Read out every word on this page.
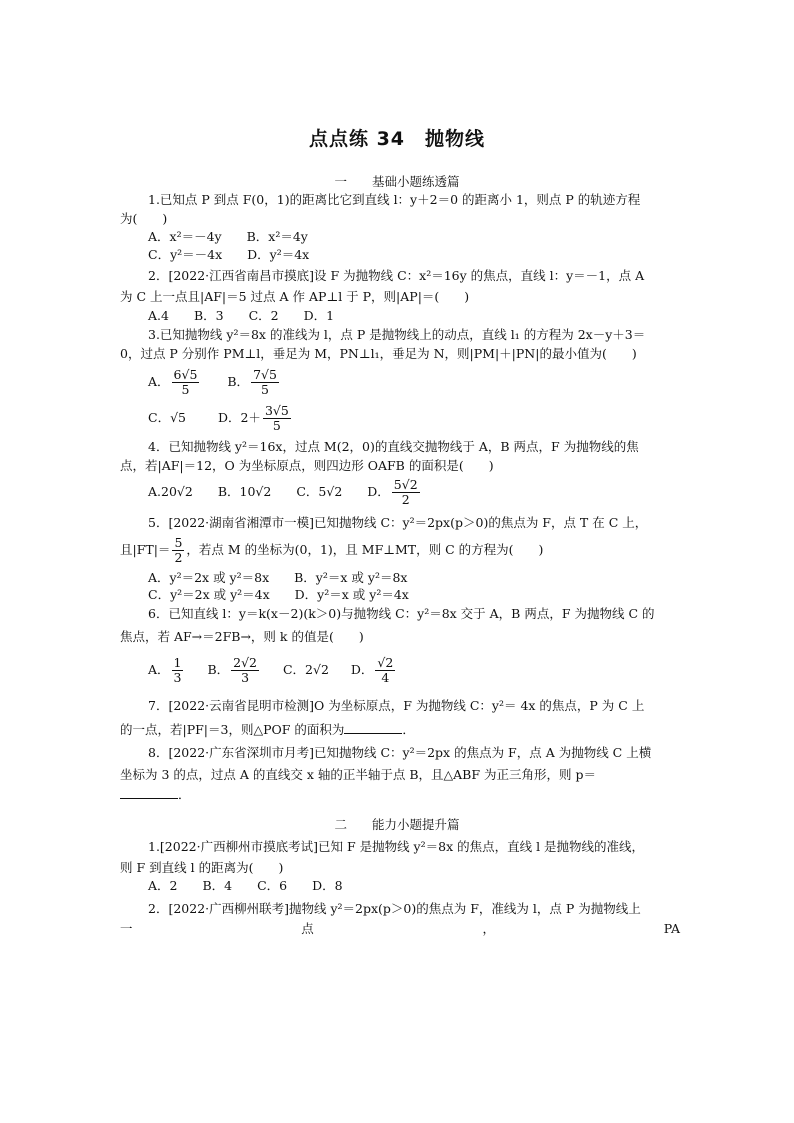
点点练 34　抛物线
一　　基础小题练透篇
1.已知点 P 到点 F(0，1)的距离比它到直线 l：y＋2＝0 的距离小 1，则点 P 的轨迹方程
为(　　)
A．x²＝－4y　　B．x²＝4y
C．y²＝－4x　　D．y²＝4x
2．[2022·江西省南昌市摸底]设 F 为抛物线 C：x²＝16y 的焦点，直线 l：y＝－1，点 A
为 C 上一点且|AF|＝5 过点 A 作 AP⊥l 于 P，则|AP|＝(　　)
A.4　　B．3　　C．2　　D．1
3.已知抛物线 y²＝8x 的准线为 l，点 P 是抛物线上的动点，直线 l₁ 的方程为 2x－y＋3＝
0，过点 P 分别作 PM⊥l，垂足为 M，PN⊥l₁，垂足为 N，则|PM|＋|PN|的最小值为(　　)
A． $\frac{6√5}{5}$ B． $\frac{7√5}{5}$
C．√5	D．$2+ \frac{3√5}{5}$
4．已知抛物线 y²＝16x，过点 M(2，0)的直线交抛物线于 A，B 两点，F 为抛物线的焦
点，若|AF|＝12，O 为坐标原点，则四边形 OAFB 的面积是(　　)
A.20√2　　B．10√2　　C．5√2　　D． $\frac{5√2}{2}$
5．[2022·湖南省湘潭市一模]已知抛物线 C：y²＝2px(p＞0)的焦点为 F，点 T 在 C 上，
且$|FT|= \frac{5}{2}$ ，若点 M 的坐标为(0，1)，且 MF⊥MT，则 C 的方程为(　　)
A．y²＝2x 或 y²＝8x　　B．y²＝x 或 y²＝8x
C．y²＝2x 或 y²＝4x　　D．y²＝x 或 y²＝4x
6．已知直线 l：y＝k(x－2)(k＞0)与抛物线 C：y²＝8x 交于 A，B 两点，F 为抛物线 C 的
焦点，若 AF→＝2FB→，则 k 的值是(　　)
A． $\frac{1}{3}$ B． $\frac{2√2}{3}$ C．2√2 D． $\frac{√2}{4}$
7．[2022·云南省昆明市检测]O 为坐标原点，F 为抛物线 C：y²＝ 4x 的焦点，P 为 C 上
的一点，若|PF|＝3，则△POF 的面积为	．
8．[2022·广东省深圳市月考]已知抛物线 C：y²＝2px 的焦点为 F，点 A 为抛物线 C 上横
坐标为 3 的点，过点 A 的直线交 x 轴的正半轴于点 B，且△ABF 为正三角形，则 p＝
．
二　　能力小题提升篇
1.[2022·广西柳州市摸底考试]已知 F 是抛物线 y²＝8x 的焦点，直线 l 是抛物线的准线，
则 F 到直线 l 的距离为(　　)
A．2　　B．4　　C．6　　D．8
2．[2022·广西柳州联考]抛物线 y²＝2px(p＞0)的焦点为 F，准线为 l，点 P 为抛物线上
一	点	，	PA
